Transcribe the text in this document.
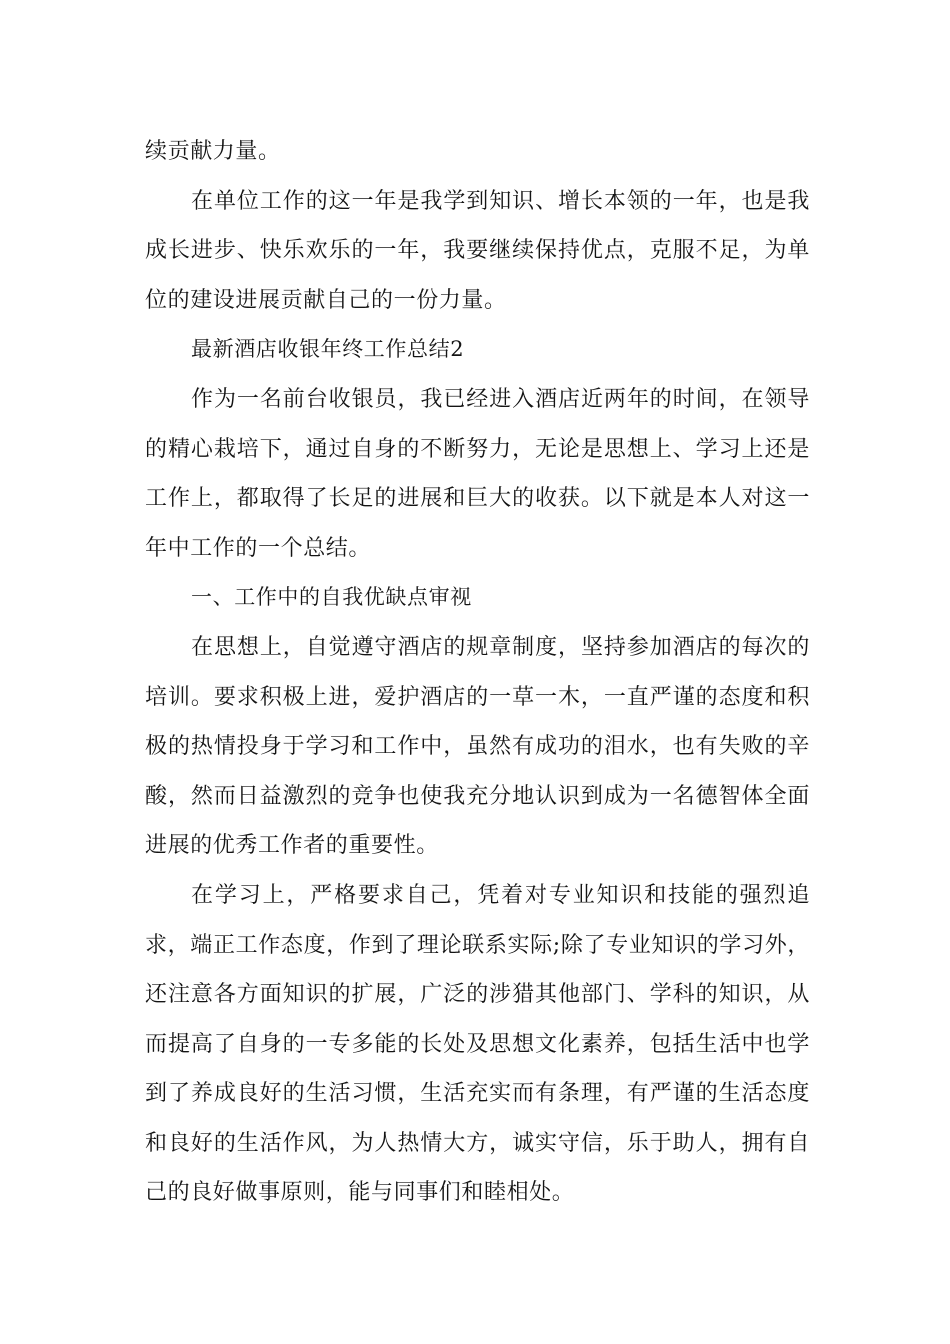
续贡献力量。

在单位工作的这一年是我学到知识、增长本领的一年，也是我成长进步、快乐欢乐的一年，我要继续保持优点，克服不足，为单位的建设进展贡献自己的一份力量。

最新酒店收银年终工作总结2

作为一名前台收银员，我已经进入酒店近两年的时间，在领导的精心栽培下，通过自身的不断努力，无论是思想上、学习上还是工作上，都取得了长足的进展和巨大的收获。以下就是本人对这一年中工作的一个总结。

一、工作中的自我优缺点审视

在思想上，自觉遵守酒店的规章制度，坚持参加酒店的每次的培训。要求积极上进，爱护酒店的一草一木，一直严谨的态度和积极的热情投身于学习和工作中，虽然有成功的泪水，也有失败的辛酸，然而日益激烈的竞争也使我充分地认识到成为一名德智体全面进展的优秀工作者的重要性。

在学习上，严格要求自己，凭着对专业知识和技能的强烈追求，端正工作态度，作到了理论联系实际;除了专业知识的学习外，还注意各方面知识的扩展，广泛的涉猎其他部门、学科的知识，从而提高了自身的一专多能的长处及思想文化素养，包括生活中也学到了养成良好的生活习惯，生活充实而有条理，有严谨的生活态度和良好的生活作风，为人热情大方，诚实守信，乐于助人，拥有自己的良好做事原则，能与同事们和睦相处。
